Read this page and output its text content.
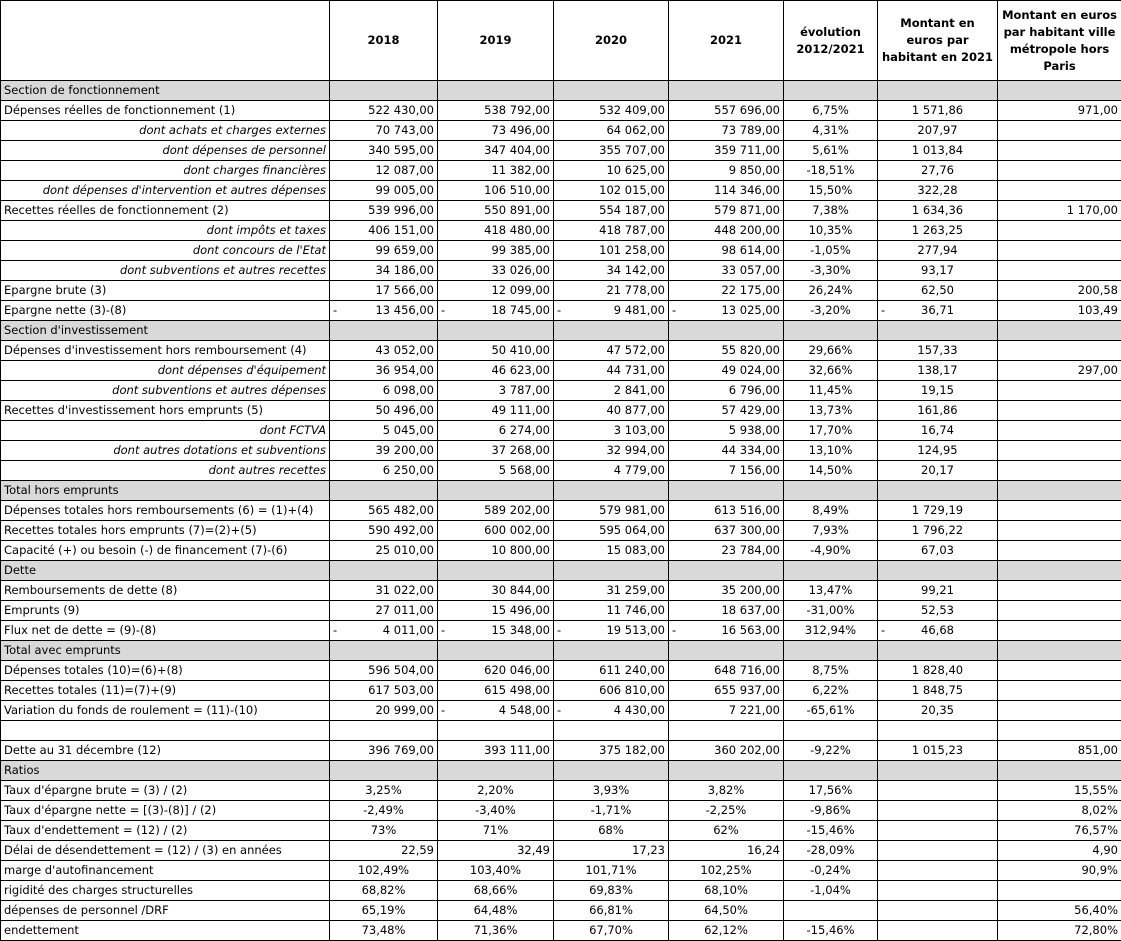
	2018	2019	2020	2021	évolution 2012/2021	Montant en euros par habitant en 2021	Montant en euros par habitant ville métropole hors Paris
Section de fonctionnement							
Dépenses réelles de fonctionnement (1)	522 430,00	538 792,00	532 409,00	557 696,00	6,75%	1 571,86	971,00
dont achats et charges externes	70 743,00	73 496,00	64 062,00	73 789,00	4,31%	207,97	
dont dépenses de personnel	340 595,00	347 404,00	355 707,00	359 711,00	5,61%	1 013,84	
dont charges financières	12 087,00	11 382,00	10 625,00	9 850,00	-18,51%	27,76	
dont dépenses d'intervention et autres dépenses	99 005,00	106 510,00	102 015,00	114 346,00	15,50%	322,28	
Recettes réelles de fonctionnement (2)	539 996,00	550 891,00	554 187,00	579 871,00	7,38%	1 634,36	1 170,00
dont impôts et taxes	406 151,00	418 480,00	418 787,00	448 200,00	10,35%	1 263,25	
dont concours de l'Etat	99 659,00	99 385,00	101 258,00	98 614,00	-1,05%	277,94	
dont subventions et autres recettes	34 186,00	33 026,00	34 142,00	33 057,00	-3,30%	93,17	
Epargne brute (3)	17 566,00	12 099,00	21 778,00	22 175,00	26,24%	62,50	200,58
Epargne nette (3)-(8)	- 13 456,00	- 18 745,00	- 9 481,00	- 13 025,00	-3,20%	- 36,71	103,49
Section d'investissement							
Dépenses d'investissement hors remboursement (4)	43 052,00	50 410,00	47 572,00	55 820,00	29,66%	157,33	
dont dépenses d'équipement	36 954,00	46 623,00	44 731,00	49 024,00	32,66%	138,17	297,00
dont subventions et autres dépenses	6 098,00	3 787,00	2 841,00	6 796,00	11,45%	19,15	
Recettes d'investissement hors emprunts (5)	50 496,00	49 111,00	40 877,00	57 429,00	13,73%	161,86	
dont FCTVA	5 045,00	6 274,00	3 103,00	5 938,00	17,70%	16,74	
dont autres dotations et subventions	39 200,00	37 268,00	32 994,00	44 334,00	13,10%	124,95	
dont autres recettes	6 250,00	5 568,00	4 779,00	7 156,00	14,50%	20,17	
Total hors emprunts							
Dépenses totales hors remboursements (6) = (1)+(4)	565 482,00	589 202,00	579 981,00	613 516,00	8,49%	1 729,19	
Recettes totales hors emprunts (7)=(2)+(5)	590 492,00	600 002,00	595 064,00	637 300,00	7,93%	1 796,22	
Capacité (+) ou besoin (-) de financement (7)-(6)	25 010,00	10 800,00	15 083,00	23 784,00	-4,90%	67,03	
Dette							
Remboursements de dette (8)	31 022,00	30 844,00	31 259,00	35 200,00	13,47%	99,21	
Emprunts (9)	27 011,00	15 496,00	11 746,00	18 637,00	-31,00%	52,53	
Flux net de dette = (9)-(8)	- 4 011,00	- 15 348,00	- 19 513,00	- 16 563,00	312,94%	- 46,68	
Total avec emprunts							
Dépenses totales (10)=(6)+(8)	596 504,00	620 046,00	611 240,00	648 716,00	8,75%	1 828,40	
Recettes totales (11)=(7)+(9)	617 503,00	615 498,00	606 810,00	655 937,00	6,22%	1 848,75	
Variation du fonds de roulement = (11)-(10)	20 999,00	- 4 548,00	- 4 430,00	7 221,00	-65,61%	20,35	

Dette au 31 décembre (12)	396 769,00	393 111,00	375 182,00	360 202,00	-9,22%	1 015,23	851,00
Ratios							
Taux d'épargne brute = (3) / (2)	3,25%	2,20%	3,93%	3,82%	17,56%		15,55%
Taux d'épargne nette = [(3)-(8)] / (2)	-2,49%	-3,40%	-1,71%	-2,25%	-9,86%		8,02%
Taux d'endettement = (12) / (2)	73%	71%	68%	62%	-15,46%		76,57%
Délai de désendettement = (12) / (3) en années	22,59	32,49	17,23	16,24	-28,09%		4,90
marge d'autofinancement	102,49%	103,40%	101,71%	102,25%	-0,24%		90,9%
rigidité des charges structurelles	68,82%	68,66%	69,83%	68,10%	-1,04%		
dépenses de personnel /DRF	65,19%	64,48%	66,81%	64,50%			56,40%
endettement	73,48%	71,36%	67,70%	62,12%	-15,46%		72,80%
